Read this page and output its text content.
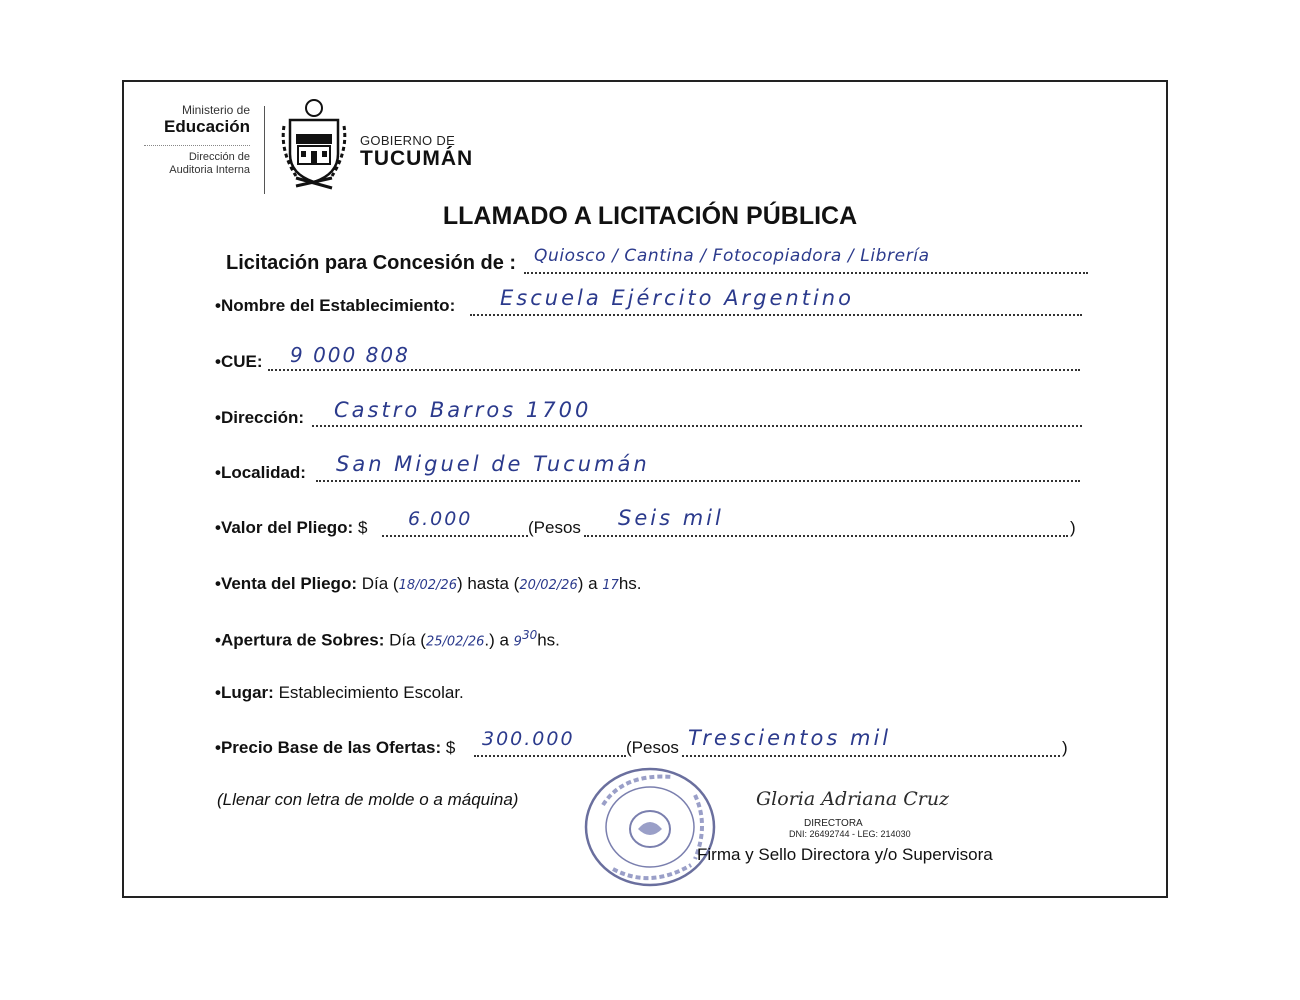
Ministerio de
Educación
Dirección de
Auditoria Interna
GOBIERNO DE
TUCUMÁN
LLAMADO A LICITACIÓN PÚBLICA
Licitación para Concesión de : Quiosco / Cantina / Fotocopiadora / Librería
•Nombre del Establecimiento: Escuela Ejército Argentino
•CUE: 9 000 808
•Dirección: Castro Barros 1700
•Localidad: San Miguel de Tucumán
•Valor del Pliego: $ 6.000	(Pesos Seis mil	)
•Venta del Pliego: Día (18/02/26) hasta (20/02/26) a 17hs.
•Apertura de Sobres: Día (25/02/26.) a $9^{30}hs$.
•Lugar: Establecimiento Escolar.
•Precio Base de las Ofertas: $ 300.000	(Pesos Trescientos mil	)
(Llenar con letra de molde o a máquina)	Gloria Adriana Cruz
DIRECTORA
DNI: 26492744 - LEG: 214030
Firma y Sello Directora y/o Supervisora
